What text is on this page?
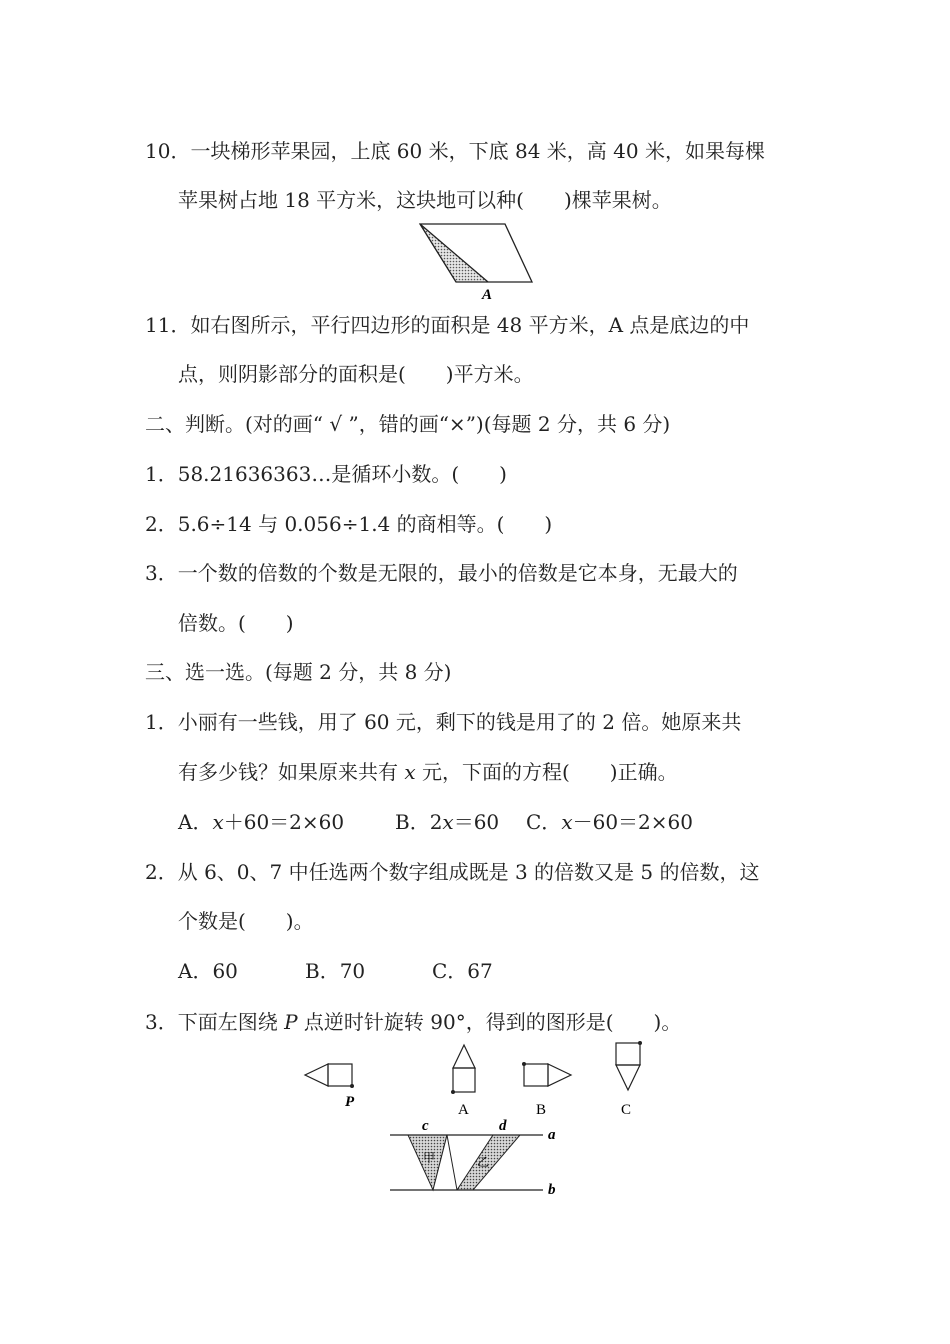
10．一块梯形苹果园，上底 60 米，下底 84 米，高 40 米，如果每棵
苹果树占地 18 平方米，这块地可以种(　　)棵苹果树。
A
11．如右图所示，平行四边形的面积是 48 平方米，A 点是底边的中
点，则阴影部分的面积是(　　)平方米。
二、判断。(对的画“ √ ”，错的画“×”)(每题 2 分，共 6 分)
1．58.21636363…是循环小数。(　　)
2．5.6÷14 与 0.056÷1.4 的商相等。(　　)
3．一个数的倍数的个数是无限的，最小的倍数是它本身，无最大的
倍数。(　　)
三、选一选。(每题 2 分，共 8 分)
1．小丽有一些钱，用了 60 元，剩下的钱是用了的 2 倍。她原来共
有多少钱？如果原来共有 x 元，下面的方程(　　)正确。
A．x＋60＝2×60	B．2x＝60 C．x－60＝2×60
2．从 6、0、7 中任选两个数字组成既是 3 的倍数又是 5 的倍数，这
个数是(　　)。
A．60	B．70	C．67
3．下面左图绕 P 点逆时针旋转 90°，得到的图形是(　　)。
P	A	B	C
c	d
a
b
甲	乙
